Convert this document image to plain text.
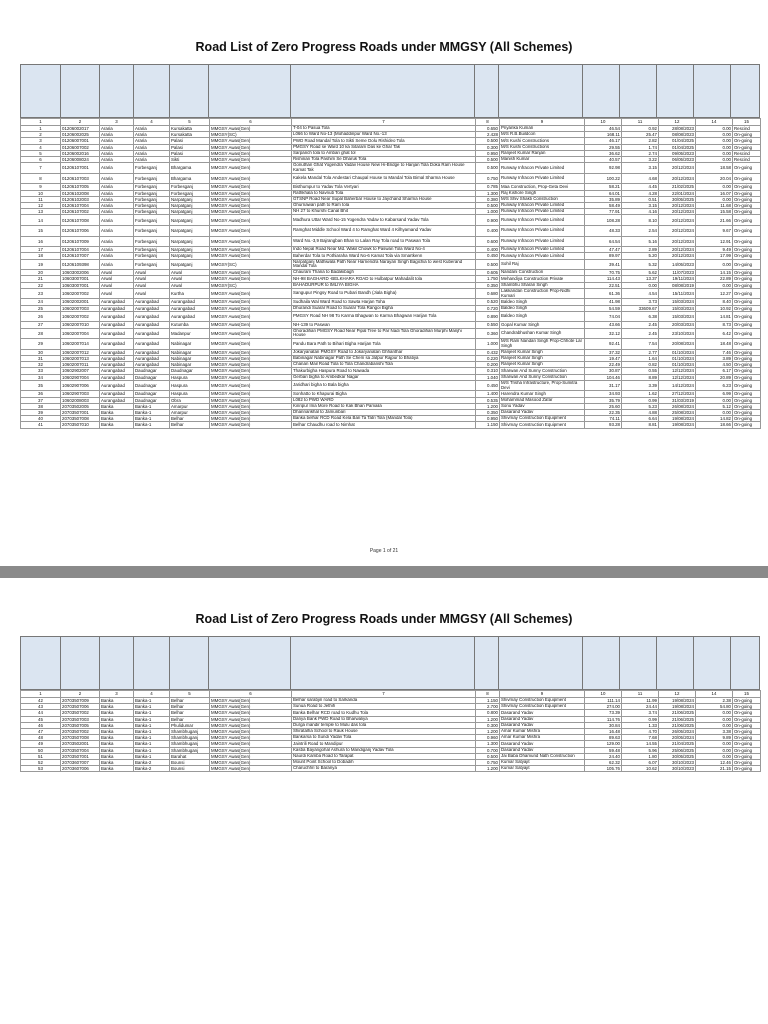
Road List of Zero Progress Roads under MMGSY (All Schemes)
1	2	3	4	5	6	7	8	9	10	11	12	14	15
1	01206002017	Araria	Araria	Kursakatta	MMGSY Awas(Gen)	T-04 to Pasua Tola	0.650	Priyanka Kumari	46.54	0.92	28/08/2023	0.00	Rescind
2	01206002025	Araria	Araria	Kursakatta	MMGSY(SC)	L066 to Ward No-13 (Mohaddinpur Ward No.-13	2.428	M/S R.B.Buildcon	168.11	25.47	08/08/2023	0.00	On-going
3	01206007001	Araria	Araria	Palasi	MMGSY Awas(Gen)	PWD Road Mandal Tola to Sikti Seme Dolu Rishideo Tola	0.500	M/S Kushi Constructions	46.17	2.82	01/04/2025	0.00	On-going
4	01206007002	Araria	Araria	Palasi	MMGSY Awas(Gen)	PMGSY Road se Ward 10 ka Sitaram Das ke Ghar Tak	0.300	M/S Kushi Constructions	29.55	1.74	01/04/2025	0.00	On-going
5	01206002016	Araria	Araria	Palasi	MMGSY Awas(Gen)	Sarpanch tola to Ambari ghat tol	0.950	Ranjeet Kumar Ranjan	36.62	2.74	09/05/2023	0.00	Rescind
6	01206008024	Araria	Araria	Sikti	MMGSY Awas(Gen)	Rishinan Tola Pashim Se Dharuk Tola	0.500	Manish Kumar	40.57	3.22	06/05/2023	0.00	Rescind
7	01206107001	Araria	Forbesganj	Bhargama	MMGSY Awas(Gen)	Gonuthan Ghat Yogendra Yadav House New Hi-Bridge to Harijan Tola Doka Ram House Kamat Tak	0.500	Runway Infracon Private Limited	92.98	3.15	20/12/2024	18.58	On-going
8	01206107003	Araria	Forbesganj	Bhargama	MMGSY Awas(Gen)	Kakela Mandal Tola Andestari Chaupal House to Mandal Tola Bimal Sharma House	0.750	Runway Infracon Private Limited	100.22	4.68	20/12/2024	20.04	On-going
9	01206107005	Araria	Forbesganj	Forbesganj	MMGSY Awas(Gen)	Bisthumpur to Yadav Tola Vertyari	0.785	Maa Construction, Prop-Geta Devi	58.21	4.45	21/02/2025	0.00	On-going
10	01206102008	Araria	Forbesganj	Forbesganj	MMGSY Awas(Gen)	Rathkhala to Navnub Tola	1.300	Raj Kishore Singh	64.01	4.28	22/01/2024	16.07	On-going
11	01206102003	Araria	Forbesganj	Narpatganj	MMGSY Awas(Gen)	GTSNP Road Near Supal Baherbar House to Jaychand Sharma House	0.380	M/S Shiv Shakti Construction	35.89	0.51	30/05/2025	0.00	On-going
12	01206107004	Araria	Forbesganj	Narpatganj	MMGSY Awas(Gen)	Ghurnawari path to Ram tola	0.500	Runway Infracon Private Limited	58.49	3.15	20/12/2024	11.68	On-going
13	01206107002	Araria	Forbesganj	Narpatganj	MMGSY Awas(Gen)	NH 27 to Khurshi Canal Bhit	1.000	Runway Infracon Private Limited	77.91	4.16	20/12/2024	15.58	On-going
14	01206107008	Araria	Forbesganj	Narpatganj	MMGSY Awas(Gen)	Madhura Uttar Ward No-15 Yogendra Yadav to Kabarsand Yadav Tola	0.900	Runway Infracon Private Limited	108.28	8.10	20/12/2024	21.66	On-going
15	01206107006	Araria	Forbesganj	Narpatganj	MMGSY Awas(Gen)	Ramghat Middle School Ward 4 to Ramghat Ward 4 Kilhyamand Yadav	0.400	Runway Infracon Private Limited	48.33	2.54	20/12/2024	9.67	On-going
16	01206107009	Araria	Forbesganj	Narpatganj	MMGSY Awas(Gen)	Ward No.-3,9 Bajrangban Bhan to Lalan Ray Tola road to Paswan Tola	0.600	Runway Infracon Private Limited	64.54	5.16	20/12/2024	12.91	On-going
17	01206107004	Araria	Forbesganj	Narpatganj	MMGSY Awas(Gen)	Indo Nepal Road Near Md. Wakil Chowk to Paswan Tola Ward No-4	0.400	Runway Infracon Private Limited	47.47	2.89	20/12/2024	9.49	On-going
18	01206107007	Araria	Forbesganj	Narpatganj	MMGSY Awas(Gen)	Baherdar Tola to Pothiaraha Ward No-6 Kamat Tola via Smartkenn	0.450	Runway Infracon Private Limited	89.97	5.20	20/12/2024	17.99	On-going
19	01206109398	Araria	Forbesganj	Narpatganj	MMGSY(SC)	Narpatganj Mathiwala Path Near Harnendra Narayan Singh Bagichia to west Kuberand Mandal Tola	0.500	Sohil Raj	39.41	5.32	14/05/2023	0.00	On-going
20	10603002006	Arwal	Arwal	Arwal	MMGSY Awas(Gen)	Chauram Thana to Badakibagh	0.605	Nandani Construction	70.75	5.62	11/07/2023	14.15	On-going
21	10603007001	Arwal	Arwal	Arwal	MMGSY Awas(Gen)	NH-98 BAGHARD -BELKHARA ROAD to Hulbatpur Mahadalit tola	1.750	Mehandiya Construction Private	114.43	13.37	19/11/2024	22.89	On-going
22	10603007001	Arwal	Arwal	Arwal	MMGSY(SC)	BAHADURPUR to IMLIYA BIGHA	0.350	Shambhu Sharan Singh	22.51	0.00	08/08/2019	0.00	On-going
23	10602007002	Arwal	Arwal	Kurtha	MMGSY Awas(Gen)	Sangupur Pingsy Road to Pubari Bandh (Jiala Bigha)	0.680	Lakkandan Construction Prop-Nidhi Kumari	61.36	4.54	15/11/2024	12.27	On-going
24	10602002001	Aurangabad	Aurangabad	Aurangabad	MMGSY Awas(Gen)	Sudhaila Wal Ward Road to Sawta Harjan Toha	0.520	Baldeo Singh	41.98	3.73	15/03/2024	8.40	On-going
25	10602007003	Aurangabad	Aurangabad	Aurangabad	MMGSY Awas(Gen)	Dhurandi Suarar Road to Suarar Tola Rangoi Bigha	0.720	Baldeo Singh	54.59	33609.67	15/03/2024	10.92	On-going
26	10602007002	Aurangabad	Aurangabad	Aurangabad	MMGSY Awas(Gen)	PMGSY Road NH 98 To Karma Bhagwan to Karma Bhagwan Harijan Tola	0.890	Baldeo Singh	74.04	6.38	15/03/2024	14.81	On-going
27	10602007010	Aurangabad	Aurangabad	Kutumba	MMGSY Awas(Gen)	NH-139 to Paswan	0.550	Gopal Kumar Singh	43.66	2.45	20/03/2024	8.73	On-going
28	10602007004	Aurangabad	Aurangabad	Madanpur	MMGSY Awas(Gen)	Ghoradihari PMGSY Road Near Pipal Tree to Par Nadi Tola Ghoradihari Murphi Manjhi House	0.360	Chandrabhushan Kumar Singh	32.12	2.45	23/10/2024	6.42	On-going
29	10602007014	Aurangabad	Aurangabad	Nabinagar	MMGSY Awas(Gen)	Pandu Bara Path to Bihari Bigha Harijan Tola	1.000	M/S Ram Nandan Singh Prop-Chhote Lal Singh	92.41	7.54	20/08/2024	18.48	On-going
30	10602007012	Aurangabad	Aurangabad	Nabinagar	MMGSY Awas(Gen)	Jokaryanatan PMGSY Road to Jokaryanatan Ghhanthar	0.432	Ranjeet Kumar Singh	37.32	2.77	01/10/2024	7.46	On-going
31	10602007013	Aurangabad	Aurangabad	Nabinagar	MMGSY Awas(Gen)	Babinagar Nabinagar Path Se Chem sa Jatpur Rajpur to Bhatiya	0.220	Ranjeet Kumar Singh	19.47	1.64	01/10/2024	3.89	On-going
32	10602007011	Aurangabad	Aurangabad	Nabinagar	MMGSY Awas(Gen)	Chanan Mail Road Tola to Tola Chandrabanshi Tola	0.200	Ranjeet Kumar Singh	22.49	0.82	01/10/2024	4.50	On-going
33	10602902007	Aurangabad	Daudnagar	Daudnagar	MMGSY Awas(Gen)	Thakurbigha Haspura Road to Nawada	0.310	Sharwan And Sunny Construction	30.87	0.55	12/12/2024	6.17	On-going
34	10602907004	Aurangabad	Daudnagar	Haspura	MMGSY Awas(Gen)	Gerbari bigha to Ambedkar Nagar	1.040	Sharwan And Sunny Construction	104.46	8.89	12/12/2024	20.89	On-going
35	10602907006	Aurangabad	Daudnagar	Haspura	MMGSY Awas(Gen)	Jaridhari bigha to Bala bigha	0.450	M/S Trisha Infrastructure, Prop-Sumitra Devi	31.17	3.39	14/12/2024	6.23	On-going
36	10602907003	Aurangabad	Daudnagar	Haspura	MMGSY Awas(Gen)	Sonhatto to Khapurai Bigha	1.400	Harendra Kumar Singh	34.93	1.62	27/12/2024	6.99	On-going
37	10602008003	Aurangabad	Daudnagar	Obra	MMGSY Awas(Gen)	L082 to PWD WARD	0.535	Mohammad Masood Zafar	35.79	0.99	31/03/2019	0.00	On-going
38	20703502005	Banka	Banka-1	Amarpur	MMGSY Awas(Gen)	Kinripur Ima More Road to Kak Bhan Pamaila	1.200	Sonu Yadav	25.60	5.23	26/08/2024	5.12	On-going
39	20703507001	Banka	Banka-1	Amarpur	MMGSY Awas(Gen)	Dhannarikhal to Jamunbari	0.350	Dasarand Yadav	22.35	4.88	25/08/2024	0.00	On-going
40	20703507008	Banka	Banka-1	Belhar	MMGSY Awas(Gen)	Banka belhar RCD Road Kela Bari Ta Tatri Tola (Mandal Tola)	0.950	Shivmay Construction Equipment	74.11	6.64	19/08/2024	14.82	On-going
41	20703507010	Banka	Banka-1	Belhar	MMGSY Awas(Gen)	Belhar Chaudhu road to Nimhat	1.150	Shivmay Construction Equipment	93.28	8.81	19/08/2024	18.66	On-going
Page 1 of 21
Road List of Zero Progress Roads under MMGSY (All Schemes)
1	2	3	4	5	6	7	8	9	10	11	12	14	15
42	20703507009	Banka	Banka-1	Belhar	MMGSY Awas(Gen)	Belhar sarabjiri road to Sarkanda	1.150	Shivmay Construction Equipment	111.14	11.99	19/08/2024	2.38	On-going
43	20703507006	Banka	Banka-1	Belhar	MMGSY Awas(Gen)	Sunua Road to Jethih	2.700	Shivmay Construction Equipment	274.00	24.44	19/08/2024	54.80	On-going
44	20703507002	Banka	Banka-1	Belhar	MMGSY Awas(Gen)	Banka Belhar RCD road to Kudhu Tola	0.800	Dasarand Yadav	73.39	3.74	21/06/2025	0.00	On-going
45	20703507003	Banka	Banka-1	Belhar	MMGSY Awas(Gen)	Dariya Bank PWD Road to Bharwaliya	1.200	Dasarand Yadav	114.76	0.99	21/06/2025	0.00	On-going
46	20703507005	Banka	Banka-1	Phulidumar	MMGSY Awas(Gen)	Durga mandir temple to Mulu das tola	0.300	Dasarand Yadav	30.84	1.33	21/06/2025	0.00	On-going
47	20703507002	Banka	Banka-1	Shambhuganj	MMGSY Awas(Gen)	Shiratalha School to Rauk House	1.200	Amar Kumar Mishra	16.48	4.70	26/05/2024	3.38	On-going
48	20703507008	Banka	Banka-1	Shambhuganj	MMGSY Awas(Gen)	Bankarsa to Sundi Yadav Tola	0.960	Amar Kumar Mishra	89.63	7.68	20/05/2024	9.89	On-going
49	20703502001	Banka	Banka-1	Shambhuganj	MMGSY Awas(Gen)	Jaintrili Road to Mandipur	1.300	Dasarand Yadav	129.00	14.55	21/04/2025	0.00	On-going
50	20703507004	Banka	Banka-1	Shambhuganj	MMGSY Awas(Gen)	Kasba Bayangohal Ashura to Mandiganj Yadav Tola	0.700	Dasarand Yadav	59.48	5.96	25/06/2025	0.00	On-going
51	20703507001	Banka	Banka-1	Barahat	MMGSY Awas(Gen)	Naurdi Kamba Road to Tarapat	0.500	Jai Baba Dhamund Nath Construction	24.40	1.80	30/05/2025	0.00	On-going
52	20703607007	Banka	Banka-2	Bounsi	MMGSY Awas(Gen)	Mount Point School to Dobadih	0.750	Kumar Satyajit	62.32	6.07	30/10/2023	12.46	On-going
53	20703607006	Banka	Banka-2	Bounsi	MMGSY Awas(Gen)	Charuchhri to Baranya	1.200	Kumar Satyajit	105.76	10.62	30/10/2023	21.15	On-going
